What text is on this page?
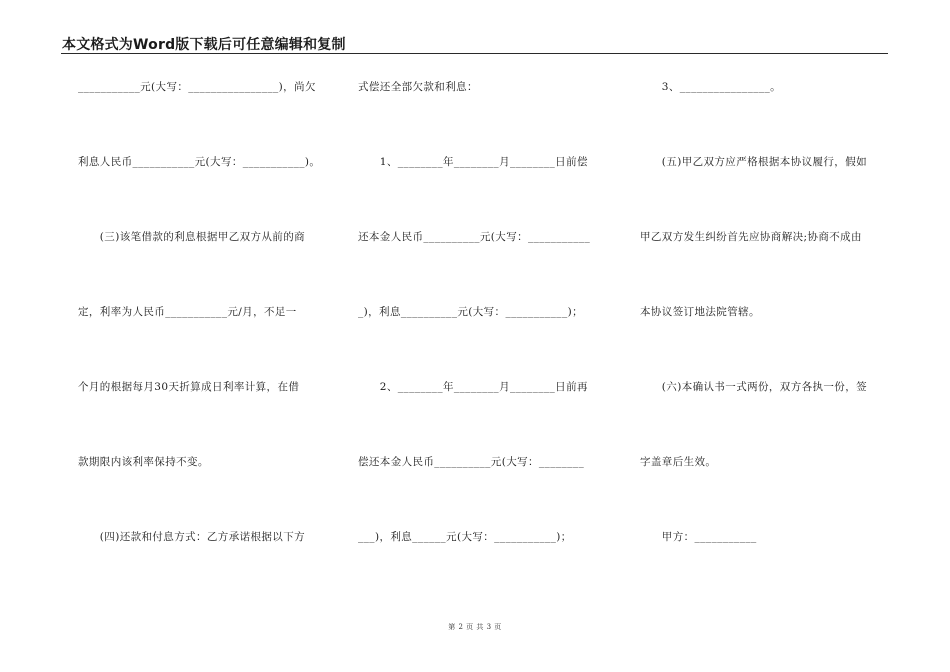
本文格式为Word版下载后可任意编辑和复制
___________元(大写：________________)，尚欠
利息人民币___________元(大写：___________)。
　　(三)该笔借款的利息根据甲乙双方从前的商
定，利率为人民币___________元/月，不足一
个月的根据每月30天折算成日利率计算，在借
款期限内该利率保持不变。
　　(四)还款和付息方式：乙方承诺根据以下方
式偿还全部欠款和利息：
　　1、________年________月________日前偿
还本金人民币__________元(大写：___________
_)，利息__________元(大写：___________)；
　　2、________年________月________日前再
偿还本金人民币__________元(大写：________
___)，利息______元(大写：___________)；
　　3、________________。
　　(五)甲乙双方应严格根据本协议履行，假如
甲乙双方发生纠纷首先应协商解决;协商不成由
本协议签订地法院管辖。
　　(六)本确认书一式两份，双方各执一份，签
字盖章后生效。
　　甲方：___________
第 2 页 共 3 页
